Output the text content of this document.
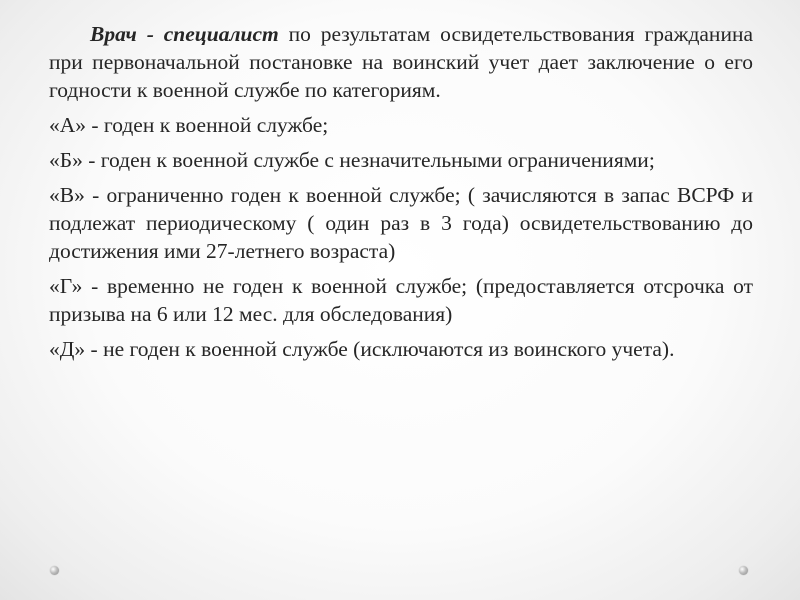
Врач - специалист по результатам освидетельствования гражданина при первоначальной постановке на воинский учет дает заключение о его годности к военной службе по категориям.

«А» - годен к военной службе;

«Б» - годен к военной службе с незначительными ограничениями;

«В» - ограниченно годен к военной службе; ( зачисляются в запас ВСРФ и подлежат периодическому ( один раз в 3 года) освидетельствованию до достижения ими 27-летнего возраста)

«Г» - временно не годен к военной службе; (предоставляется отсрочка от призыва на 6 или 12 мес. для обследования)

«Д» - не годен к военной службе (исключаются из воинского учета).
